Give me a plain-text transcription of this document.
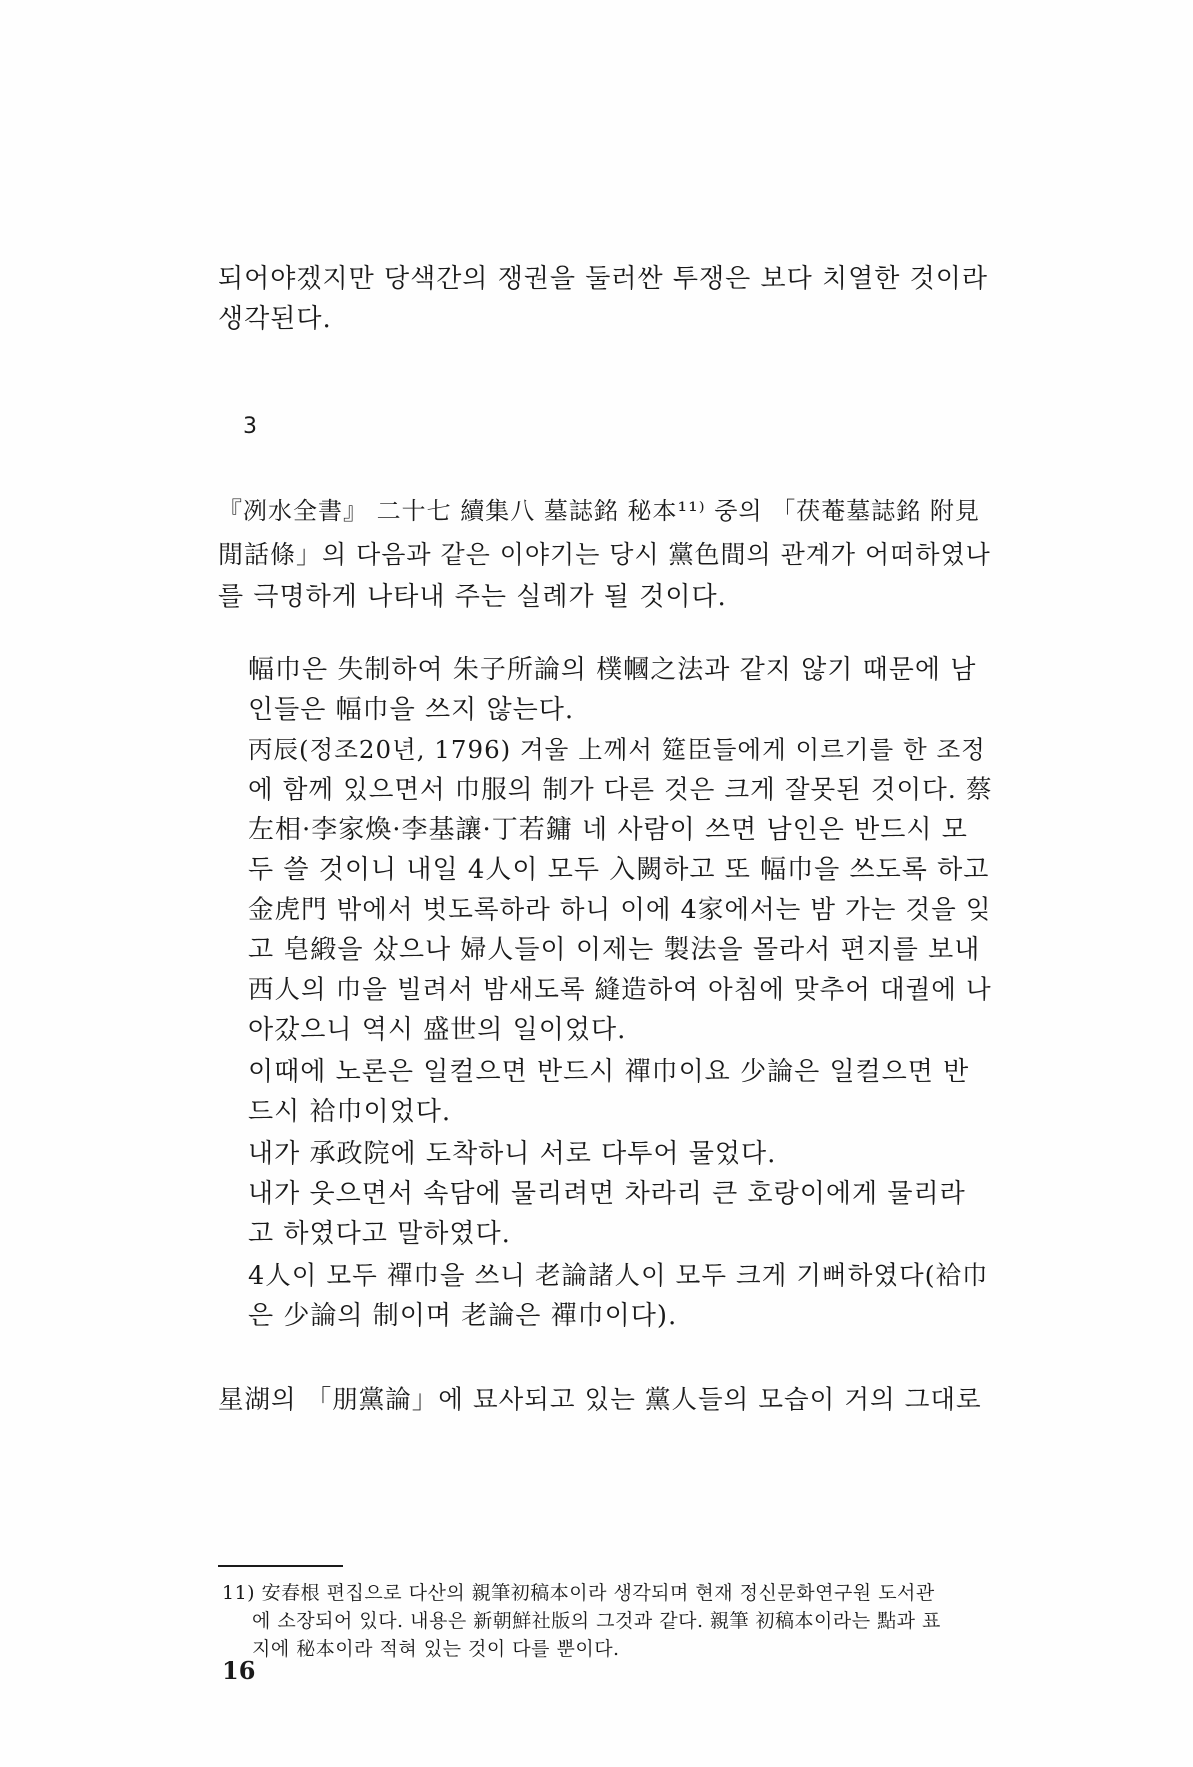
되어야겠지만 당색간의 쟁권을 둘러싼 투쟁은 보다 치열한 것이라
생각된다.
3
『冽水全書』 二十七 續集八 墓誌銘 秘本¹¹⁾ 중의 「茯菴墓誌銘 附見
閒話條」의 다음과 같은 이야기는 당시 黨色間의 관계가 어떠하였나
를 극명하게 나타내 주는 실례가 될 것이다.
幅巾은 失制하여 朱子所論의 樸幗之法과 같지 않기 때문에 남
인들은 幅巾을 쓰지 않는다.
丙辰(정조20년, 1796) 겨울 上께서 筵臣들에게 이르기를 한 조정
에 함께 있으면서 巾服의 制가 다른 것은 크게 잘못된 것이다. 蔡
左相·李家煥·李基讓·丁若鏞 네 사람이 쓰면 남인은 반드시 모
두 쓸 것이니 내일 4人이 모두 入闕하고 또 幅巾을 쓰도록 하고
金虎門 밖에서 벗도록하라 하니 이에 4家에서는 밤 가는 것을 잊
고 皂緞을 샀으나 婦人들이 이제는 製法을 몰라서 편지를 보내
西人의 巾을 빌려서 밤새도록 縫造하여 아침에 맞추어 대궐에 나
아갔으니 역시 盛世의 일이었다.
이때에 노론은 일컬으면 반드시 禪巾이요 少論은 일컬으면 반
드시 袷巾이었다.
내가 承政院에 도착하니 서로 다투어 물었다.
내가 웃으면서 속담에 물리려면 차라리 큰 호랑이에게 물리라
고 하였다고 말하였다.
4人이 모두 禪巾을 쓰니 老論諸人이 모두 크게 기뻐하였다(袷巾
은 少論의 制이며 老論은 禪巾이다).
星湖의 「朋黨論」에 묘사되고 있는 黨人들의 모습이 거의 그대로
11) 安春根 편집으로 다산의 親筆初稿本이라 생각되며 현재 정신문화연구원 도서관
에 소장되어 있다. 내용은 新朝鮮社版의 그것과 같다. 親筆 初稿本이라는 點과 표
지에 秘本이라 적혀 있는 것이 다를 뿐이다.
16
